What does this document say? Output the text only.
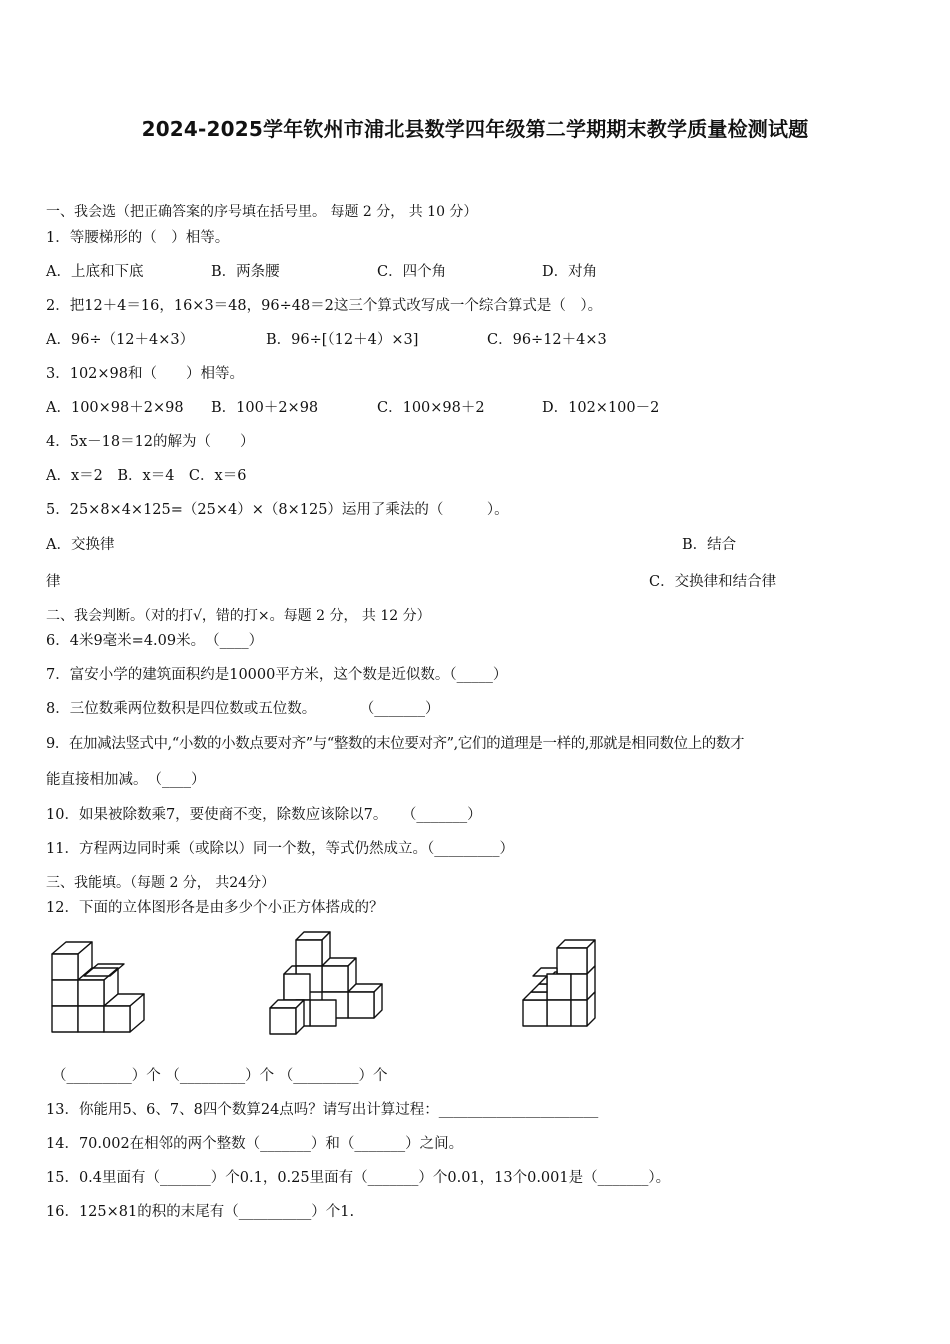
2024-2025学年钦州市浦北县数学四年级第二学期期末教学质量检测试题
一、我会选（把正确答案的序号填在括号里。 每题 2 分， 共 10 分）
1．等腰梯形的（　）相等。
A．上底和下底	B．两条腰	C．四个角	D．对角
2．把12＋4＝16，16×3＝48，96÷48＝2这三个算式改写成一个综合算式是（　）。
A．96÷（12＋4×3）	B．96÷[（12＋4）×3]	C．96÷12＋4×3
3．102×98和（　　）相等。
A．100×98＋2×98 B．100＋2×98	C．100×98＋2	D．102×100－2
4．5x－18＝12的解为（　　）
A．x＝2　B．x＝4　C．x＝6
5．25×8×4×125=（25×4）×（8×125）运用了乘法的（　　　）。
A．交换律	B．结合
律	C．交换律和结合律
二、我会判断。（对的打√，错的打×。每题 2 分， 共 12 分）
6．4米9毫米=4.09米。　（____）
7．富安小学的建筑面积约是10000平方米，这个数是近似数。（_____）
8．三位数乘两位数积是四位数或五位数。　　　　（_______）
9．在加减法竖式中,“小数的小数点要对齐”与“整数的末位要对齐”,它们的道理是一样的,那就是相同数位上的数才
能直接相加减。　（____）
10．如果被除数乘7，要使商不变，除数应该除以7。　　（_______）
11．方程两边同时乘（或除以）同一个数，等式仍然成立。（_________）
三、我能填。（每题 2 分， 共24分）
12．下面的立体图形各是由多少个小正方体搭成的？
（_________）个 （_________）个 （_________）个
13．你能用5、6、7、8四个数算24点吗？请写出计算过程：______________________
14．70.002在相邻的两个整数（_______）和（_______）之间。
15．0.4里面有（_______）个0.1，0.25里面有（_______）个0.01，13个0.001是（_______）。
16．125×81的积的末尾有（__________）个1.
